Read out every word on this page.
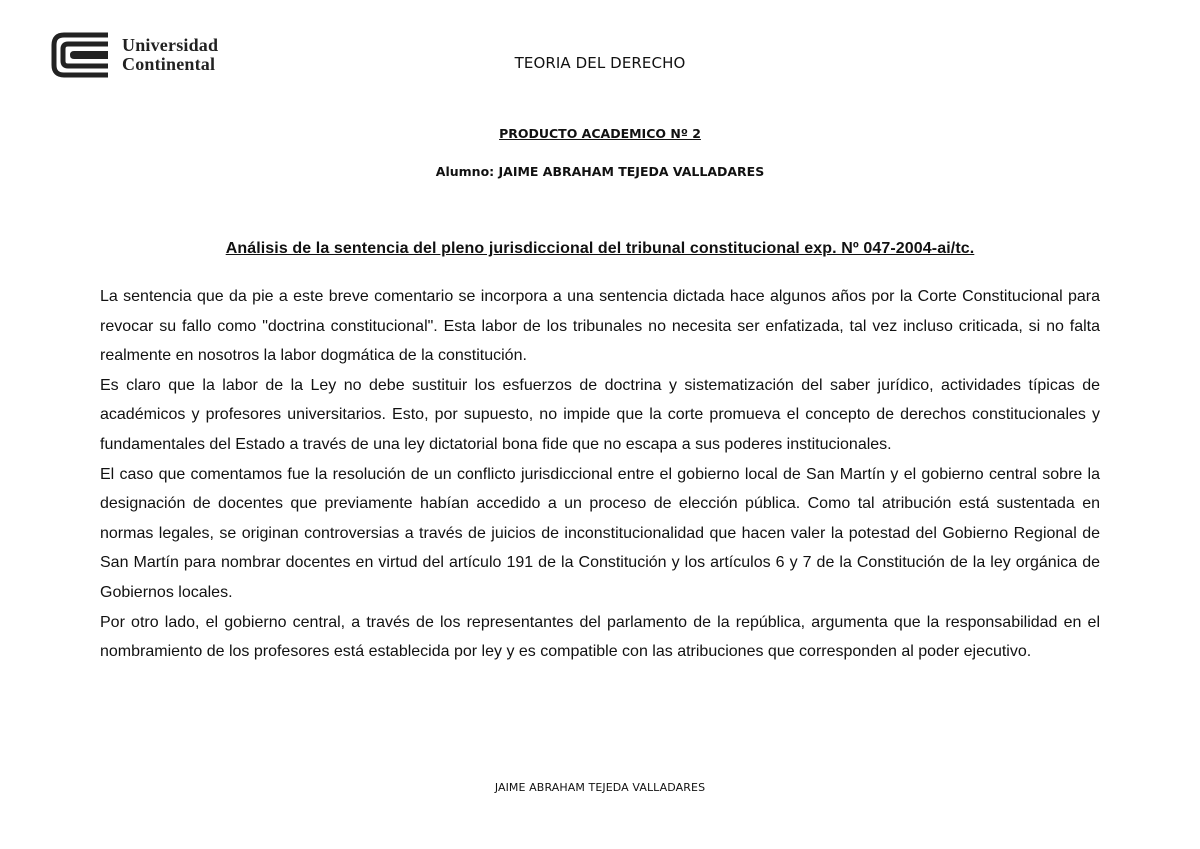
Universidad
Continental	TEORIA DEL DERECHO
PRODUCTO ACADEMICO Nº 2
Alumno: JAIME ABRAHAM TEJEDA VALLADARES
Análisis de la sentencia del pleno jurisdiccional del tribunal constitucional exp. Nº 047-2004-ai/tc.

La sentencia que da pie a este breve comentario se incorpora a una sentencia dictada hace algunos años por la Corte Constitucional para revocar su fallo como "doctrina constitucional". Esta labor de los tribunales no necesita ser enfatizada, tal vez incluso criticada, si no falta realmente en nosotros la labor dogmática de la constitución.

Es claro que la labor de la Ley no debe sustituir los esfuerzos de doctrina y sistematización del saber jurídico, actividades típicas de académicos y profesores universitarios. Esto, por supuesto, no impide que la corte promueva el concepto de derechos constitucionales y fundamentales del Estado a través de una ley dictatorial bona fide que no escapa a sus poderes institucionales.

El caso que comentamos fue la resolución de un conflicto jurisdiccional entre el gobierno local de San Martín y el gobierno central sobre la designación de docentes que previamente habían accedido a un proceso de elección pública. Como tal atribución está sustentada en normas legales, se originan controversias a través de juicios de inconstitucionalidad que hacen valer la potestad del Gobierno Regional de San Martín para nombrar docentes en virtud del artículo 191 de la Constitución y los artículos 6 y 7 de la Constitución de la ley orgánica de Gobiernos locales.

Por otro lado, el gobierno central, a través de los representantes del parlamento de la república, argumenta que la responsabilidad en el nombramiento de los profesores está establecida por ley y es compatible con las atribuciones que corresponden al poder ejecutivo.

JAIME ABRAHAM TEJEDA VALLADARES
